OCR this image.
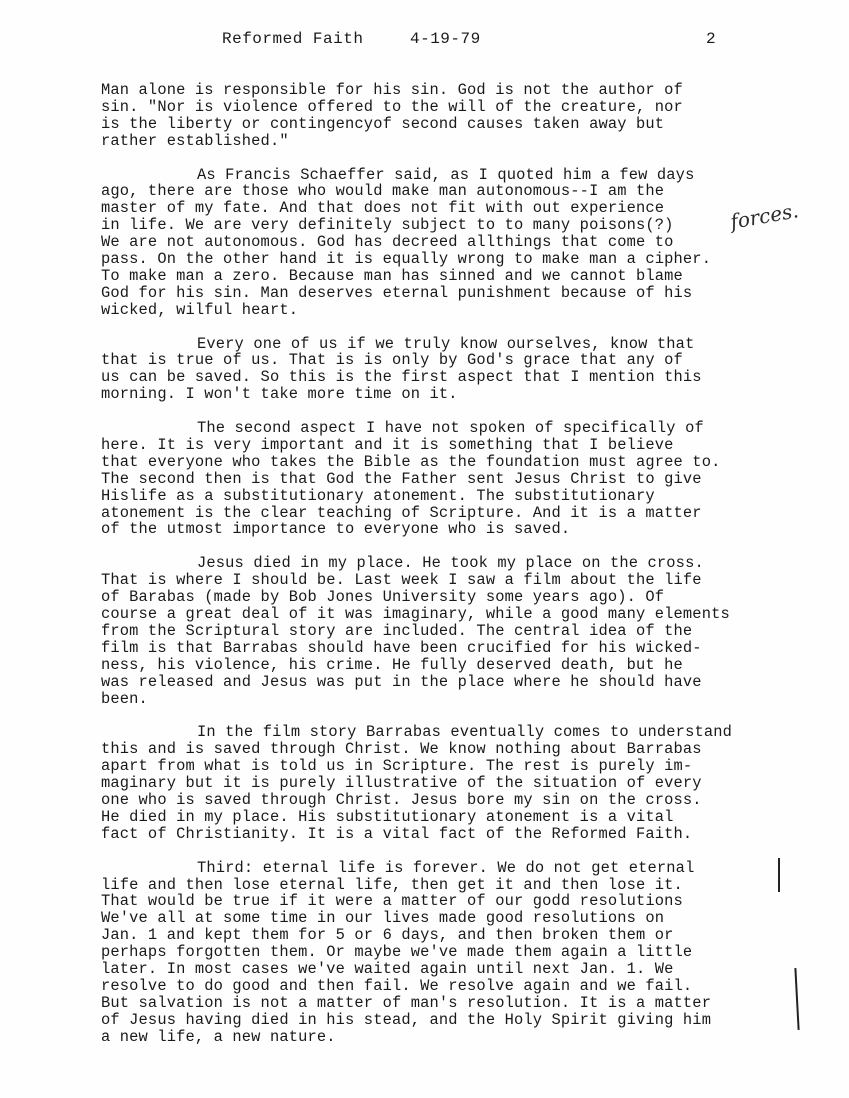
Reformed Faith	4-19-79	2
Man alone is responsible for his sin. God is not the author of
sin. "Nor is violence offered to the will of the creature, nor
is the liberty or contingencyof second causes taken away but
rather established."
As Francis Schaeffer said, as I quoted him a few days
ago, there are those who would make man autonomous--I am the
master of my fate. And that does not fit with out experience
in life. We are very definitely subject to to many poisons(?)
We are not autonomous. God has decreed allthings that come to
pass. On the other hand it is equally wrong to make man a cipher.
To make man a zero. Because man has sinned and we cannot blame
God for his sin. Man deserves eternal punishment because of his
wicked, wilful heart.
Every one of us if we truly know ourselves, know that
that is true of us. That is is only by God's grace that any of
us can be saved. So this is the first aspect that I mention this
morning. I won't take more time on it.
The second aspect I have not spoken of specifically of
here. It is very important and it is something that I believe
that everyone who takes the Bible as the foundation must agree to.
The second then is that God the Father sent Jesus Christ to give
Hislife as a substitutionary atonement. The substitutionary
atonement is the clear teaching of Scripture. And it is a matter
of the utmost importance to everyone who is saved.
Jesus died in my place. He took my place on the cross.
That is where I should be. Last week I saw a film about the life
of Barabas (made by Bob Jones University some years ago). Of
course a great deal of it was imaginary, while a good many elements
from the Scriptural story are included. The central idea of the
film is that Barrabas should have been crucified for his wicked-
ness, his violence, his crime. He fully deserved death, but he
was released and Jesus was put in the place where he should have
been.
In the film story Barrabas eventually comes to understand
this and is saved through Christ. We know nothing about Barrabas
apart from what is told us in Scripture. The rest is purely im-
maginary but it is purely illustrative of the situation of every
one who is saved through Christ. Jesus bore my sin on the cross.
He died in my place. His substitutionary atonement is a vital
fact of Christianity. It is a vital fact of the Reformed Faith.
Third: eternal life is forever. We do not get eternal
life and then lose eternal life, then get it and then lose it.
That would be true if it were a matter of our godd resolutions
We've all at some time in our lives made good resolutions on
Jan. 1 and kept them for 5 or 6 days, and then broken them or
perhaps forgotten them. Or maybe we've made them again a little
later. In most cases we've waited again until next Jan. 1. We
resolve to do good and then fail. We resolve again and we fail.
But salvation is not a matter of man's resolution. It is a matter
of Jesus having died in his stead, and the Holy Spirit giving him
a new life, a new nature.
forces.
